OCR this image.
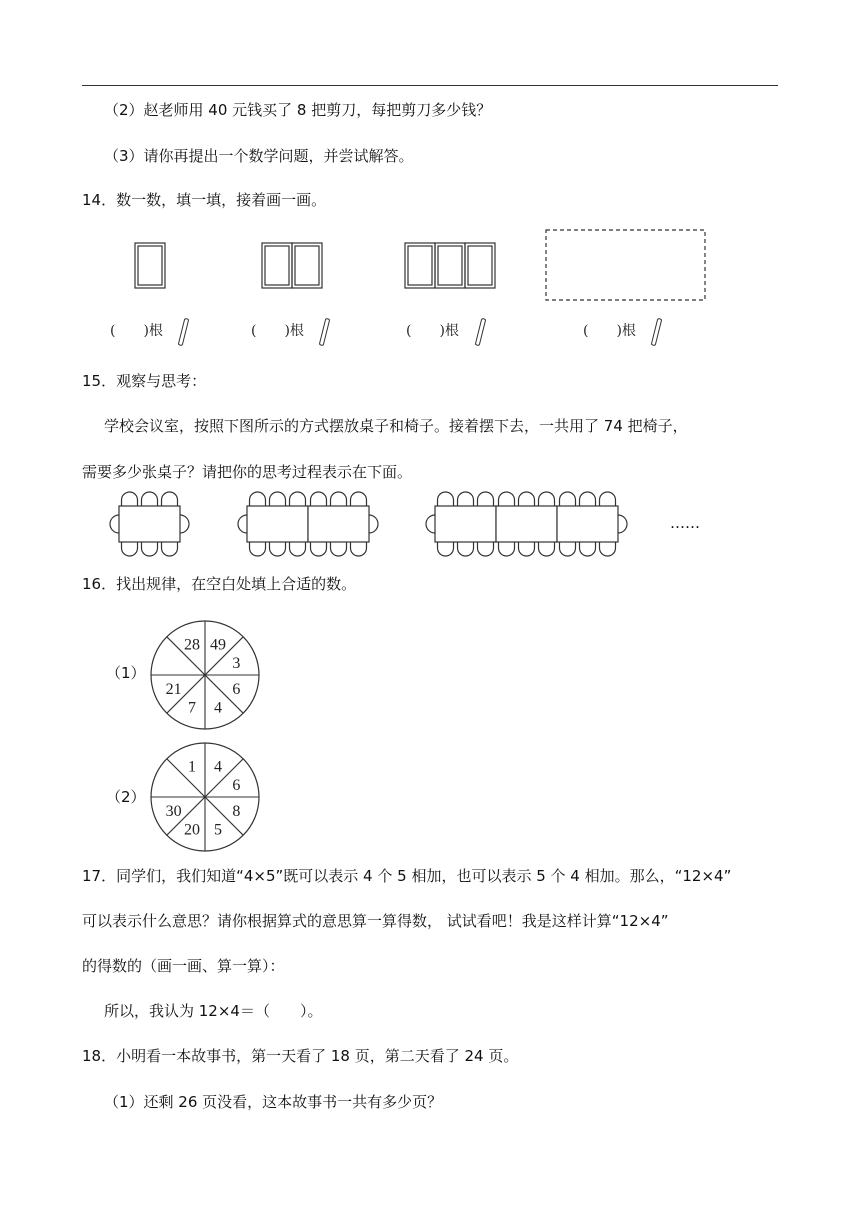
（2）赵老师用 40 元钱买了 8 把剪刀，每把剪刀多少钱？
（3）请你再提出一个数学问题，并尝试解答。
14．数一数，填一填，接着画一画。
(　　)根	(　　)根	(　　)根	(　　)根
15．观察与思考：
学校会议室，按照下图所示的方式摆放桌子和椅子。接着摆下去，一共用了 74 把椅子，
需要多少张桌子？请把你的思考过程表示在下面。
……
16．找出规律，在空白处填上合适的数。
（1）
49
3
6
4
7
21
28
（2）
4
6
8
5
20
30
1
17．同学们，我们知道“4×5”既可以表示 4 个 5 相加，也可以表示 5 个 4 相加。那么，“12×4”
可以表示什么意思？请你根据算式的意思算一算得数， 试试看吧！我是这样计算“12×4”
的得数的（画一画、算一算）：
所以，我认为 12×4＝（　　）。
18．小明看一本故事书，第一天看了 18 页，第二天看了 24 页。
（1）还剩 26 页没看，这本故事书一共有多少页？
